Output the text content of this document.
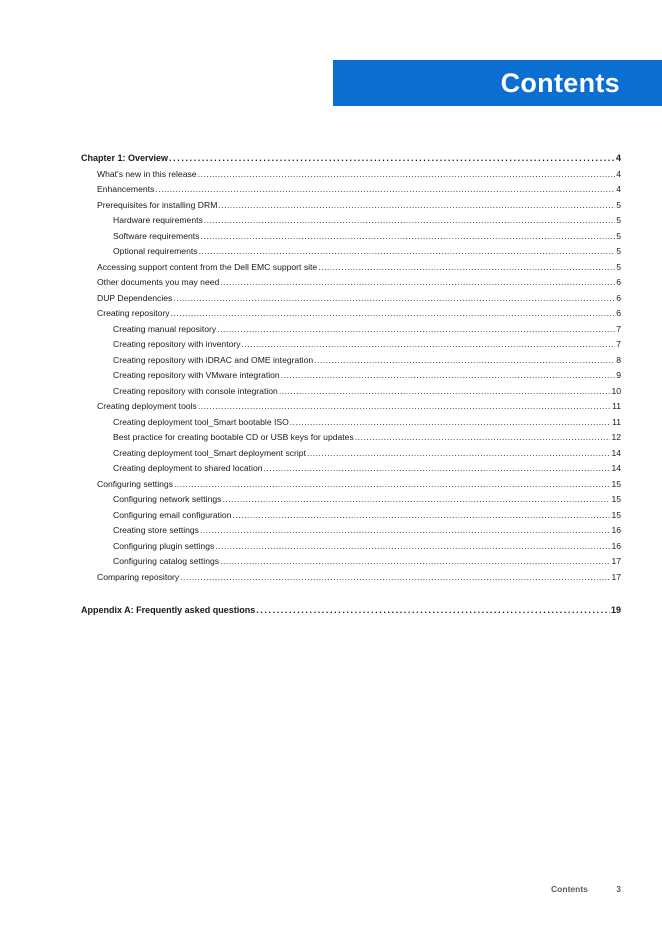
Contents
Chapter 1: Overview .....	4
What's new in this release .....	4
Enhancements .....	4
Prerequisites for installing DRM .....	5
Hardware requirements .....	5
Software requirements .....	5
Optional requirements .....	5
Accessing support content from the Dell EMC support site .....	5
Other documents you may need .....	6
DUP Dependencies .....	6
Creating repository .....	6
Creating manual repository .....	7
Creating repository with inventory .....	7
Creating repository with iDRAC and OME integration .....	8
Creating repository with VMware integration .....	9
Creating repository with console integration .....	10
Creating deployment tools .....	11
Creating deployment tool_Smart bootable ISO .....	11
Best practice for creating bootable CD or USB keys for updates .....	12
Creating deployment tool_Smart deployment script .....	14
Creating deployment to shared location .....	14
Configuring settings .....	15
Configuring network settings .....	15
Configuring email configuration .....	15
Creating store settings .....	16
Configuring plugin settings .....	16
Configuring catalog settings .....	17
Comparing repository .....	17
Appendix A: Frequently asked questions .....	19
Contents	3
